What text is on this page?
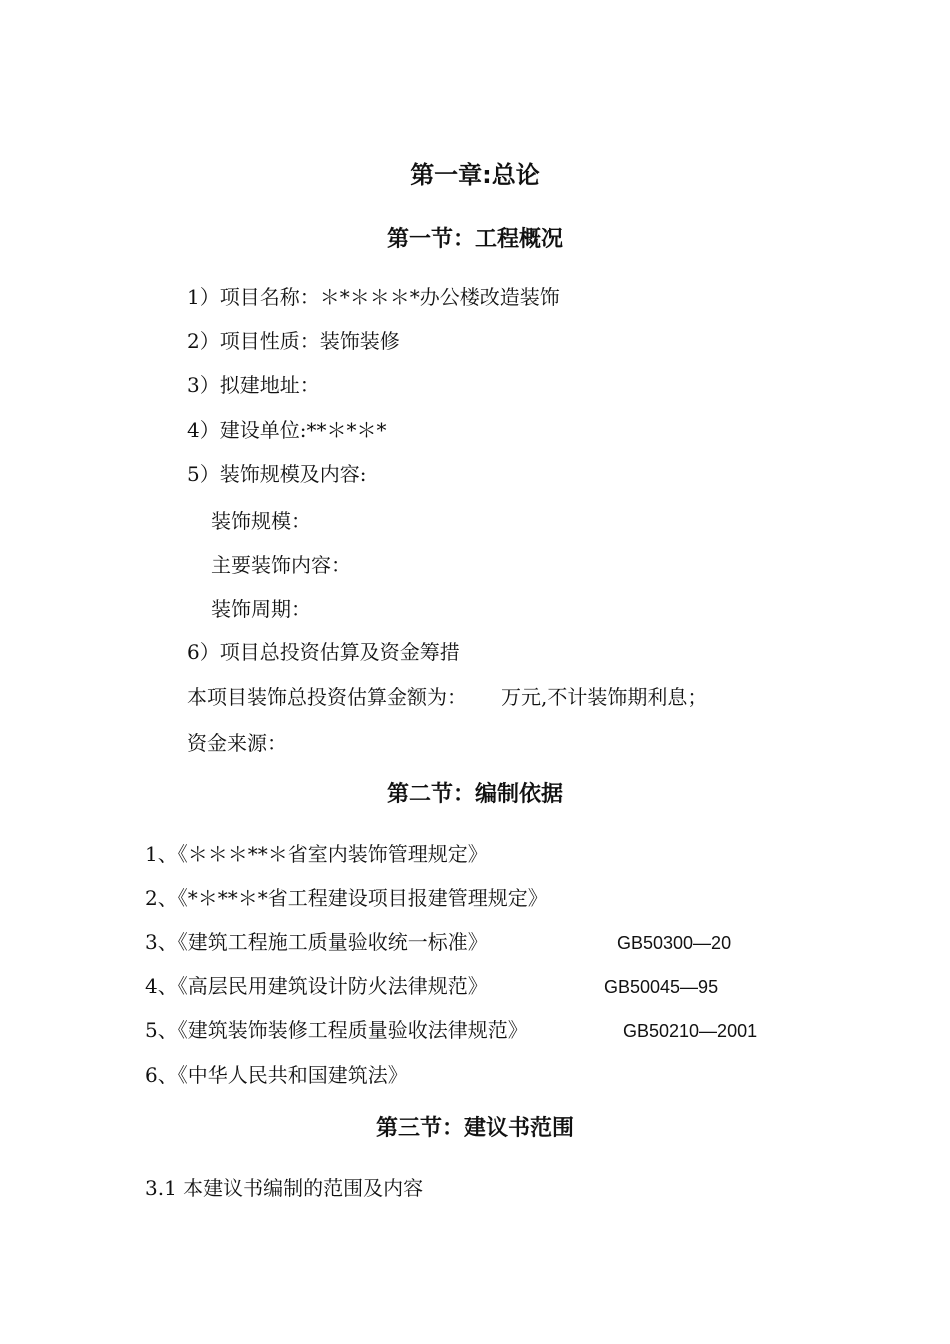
第一章:总论
第一节：工程概况
1）项目名称：＊*＊＊＊*办公楼改造装饰
2）项目性质：装饰装修
3）拟建地址：
4）建设单位:**＊*＊*
5）装饰规模及内容:
装饰规模：
主要装饰内容：
装饰周期：
6）项目总投资估算及资金筹措
本项目装饰总投资估算金额为： 万元,不计装饰期利息；
资金来源：
第二节：编制依据
1、《＊＊＊**＊省室内装饰管理规定》
2、《*＊**＊*省工程建设项目报建管理规定》
3、《建筑工程施工质量验收统一标准》	GB50300—20
4、《高层民用建筑设计防火法律规范》	GB50045—95
5、《建筑装饰装修工程质量验收法律规范》	GB50210—2001
6、《中华人民共和国建筑法》
第三节：建议书范围
3.1 本建议书编制的范围及内容
